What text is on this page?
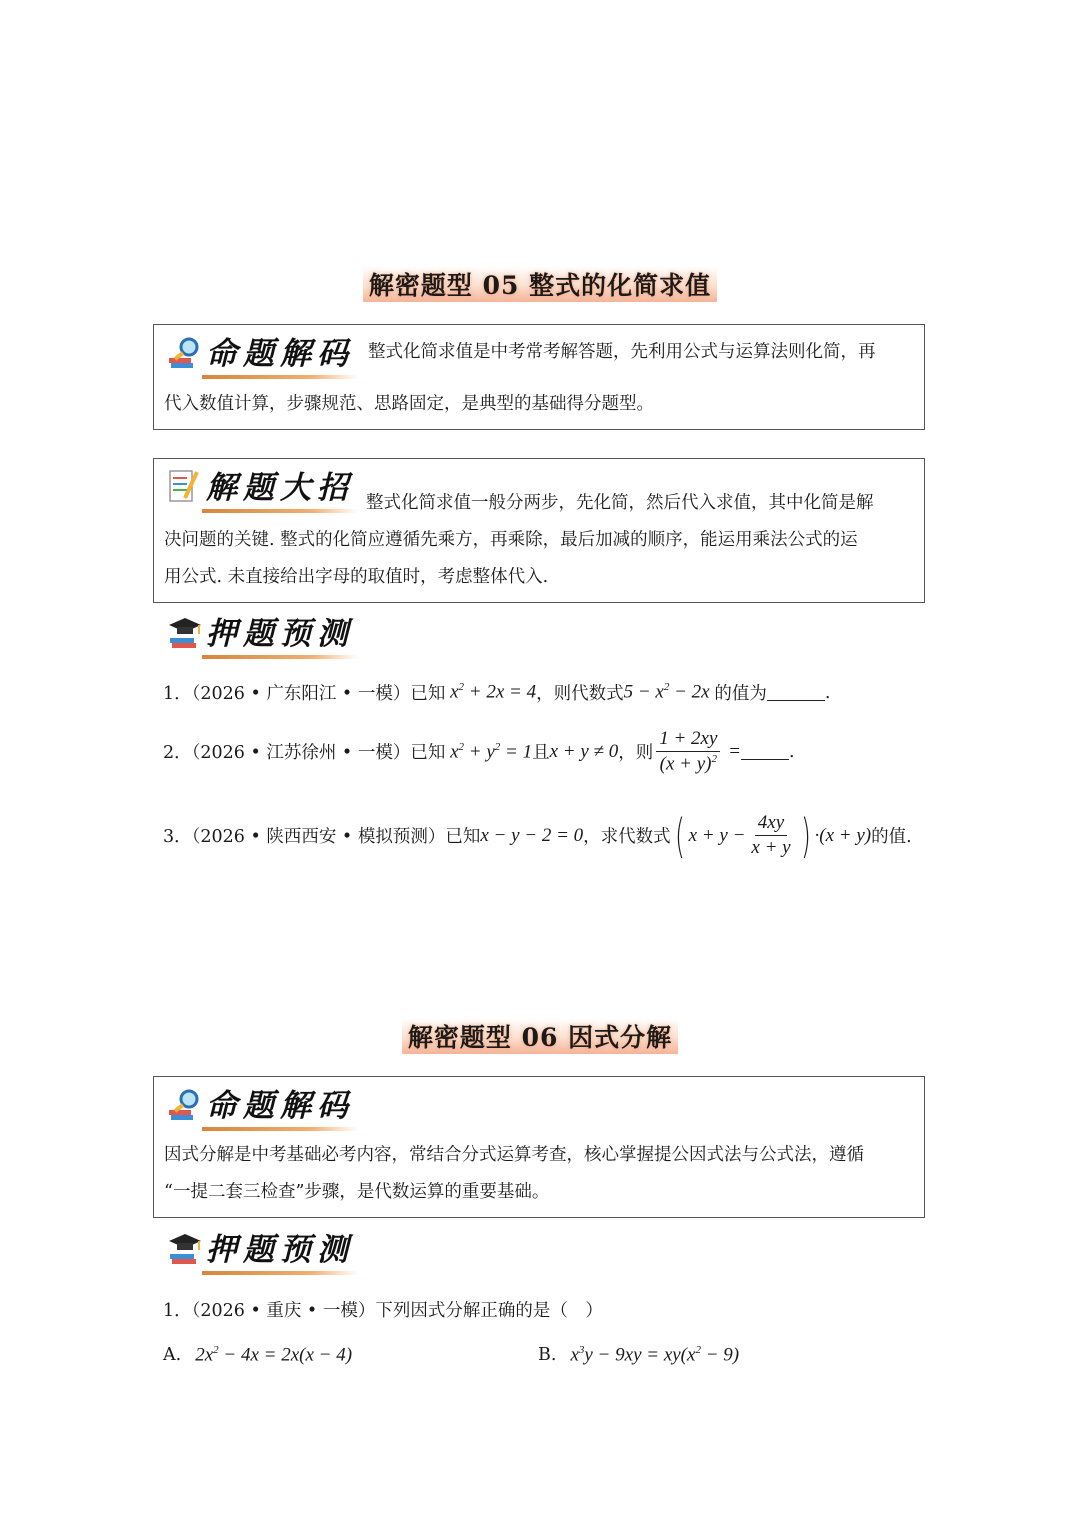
解密题型 05 整式的化简求值
命题解码 整式化简求值是中考常考解答题，先利用公式与运算法则化简，再
代入数值计算，步骤规范、思路固定，是典型的基础得分题型。
解题大招 整式化简求值一般分两步，先化简，然后代入求值，其中化简是解
决问题的关键. 整式的化简应遵循先乘方，再乘除，最后加减的顺序，能运用乘法公式的运
用公式. 未直接给出字母的取值时，考虑整体代入.
押题预测
1．（2026 • 广东阳江 • 一模）已知 $x^2 + 2x = 4$ ，则代数式 $5 - x^2 - 2x$ 的值为	.
2．（2026 • 江苏徐州 • 一模）已知 $x^2 + y^2 = 1$ 且 x + y ≠ 0 ，则 $\frac{1 + 2xy}{(x + y)^2}$ =	.
3．（2026 • 陕西西安 • 模拟预测）已知 x − y − 2 = 0 ，求代数式 ( $x + y - \frac{4xy}{x + y}$ ) ·(x + y) 的值.
解密题型 06 因式分解
命题解码
因式分解是中考基础必考内容，常结合分式运算考查，核心掌握提公因式法与公式法，遵循
“一提二套三检查”步骤，是代数运算的重要基础。
押题预测
1．（2026 • 重庆 • 一模）下列因式分解正确的是（　）
A. $2x^2 - 4x = 2x(x - 4)$	B. $x^3y - 9xy = xy(x^2 - 9)$
